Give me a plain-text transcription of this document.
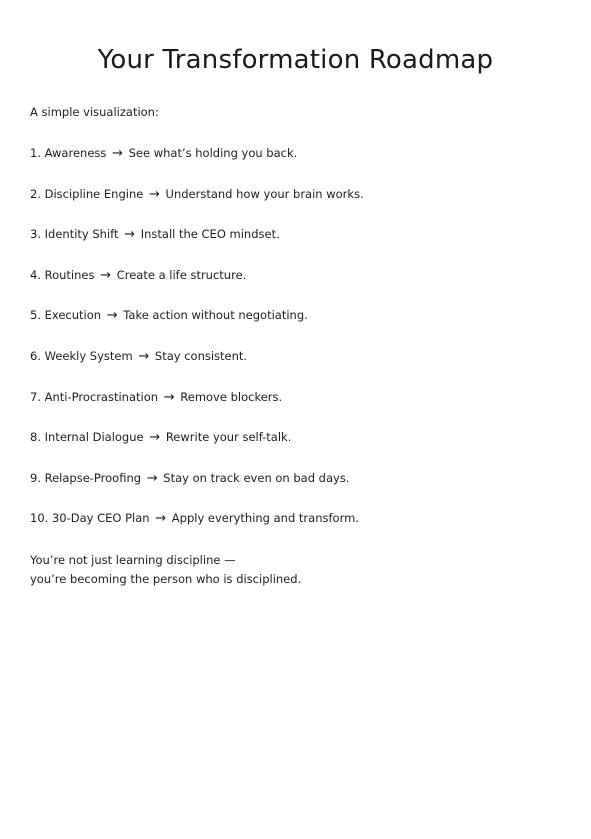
Your Transformation Roadmap

A simple visualization:

1. Awareness → See what’s holding you back.
2. Discipline Engine → Understand how your brain works.
3. Identity Shift → Install the CEO mindset.
4. Routines → Create a life structure.
5. Execution → Take action without negotiating.
6. Weekly System → Stay consistent.
7. Anti-Procrastination → Remove blockers.
8. Internal Dialogue → Rewrite your self-talk.
9. Relapse-Proofing → Stay on track even on bad days.
10. 30-Day CEO Plan → Apply everything and transform.

You’re not just learning discipline —
you’re becoming the person who is disciplined.
